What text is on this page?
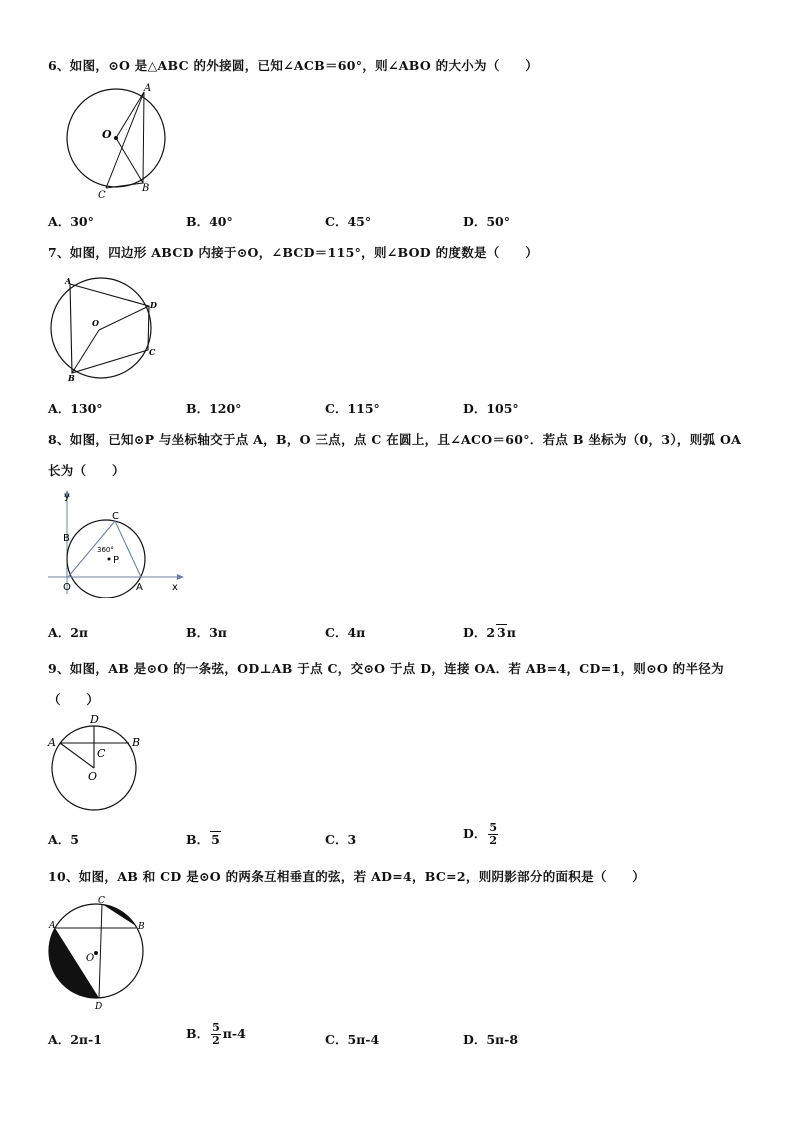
6、如图，⊙O 是△ABC 的外接圆，已知∠ACB＝60°，则∠ABO 的大小为（　　）
A
O
C
B
A．30°	B．40°	C．45°	D．50°
7、如图，四边形 ABCD 内接于⊙O，∠BCD＝115°，则∠BOD 的度数是（　　）
A
D
O
C
B
A．130°	B．120°	C．115°	D．105°
8、如图，已知⊙P 与坐标轴交于点 A，B，O 三点，点 C 在圆上，且∠ACO＝60°．若点 B 坐标为（0，3），则弧 OA
长为（　　）
y
x
B
C
O	A
P
360°
A．2π	B．3π	C．4π	D．2 3π
9、如图，AB 是⊙O 的一条弦，OD⊥AB 于点 C，交⊙O 于点 D，连接 OA．若 AB=4，CD=1，则⊙O 的半径为
（　　）
D
A	B
C
O
A．5	B． 5	C．3	D． $\frac{5}{2}$
10、如图，AB 和 CD 是⊙O 的两条互相垂直的弦，若 AD=4，BC=2，则阴影部分的面积是（　　）
C
A	B
O
D
A．2π-1	B． $\frac{5}{2} \pi-4$	C．5π-4	D．5π-8
